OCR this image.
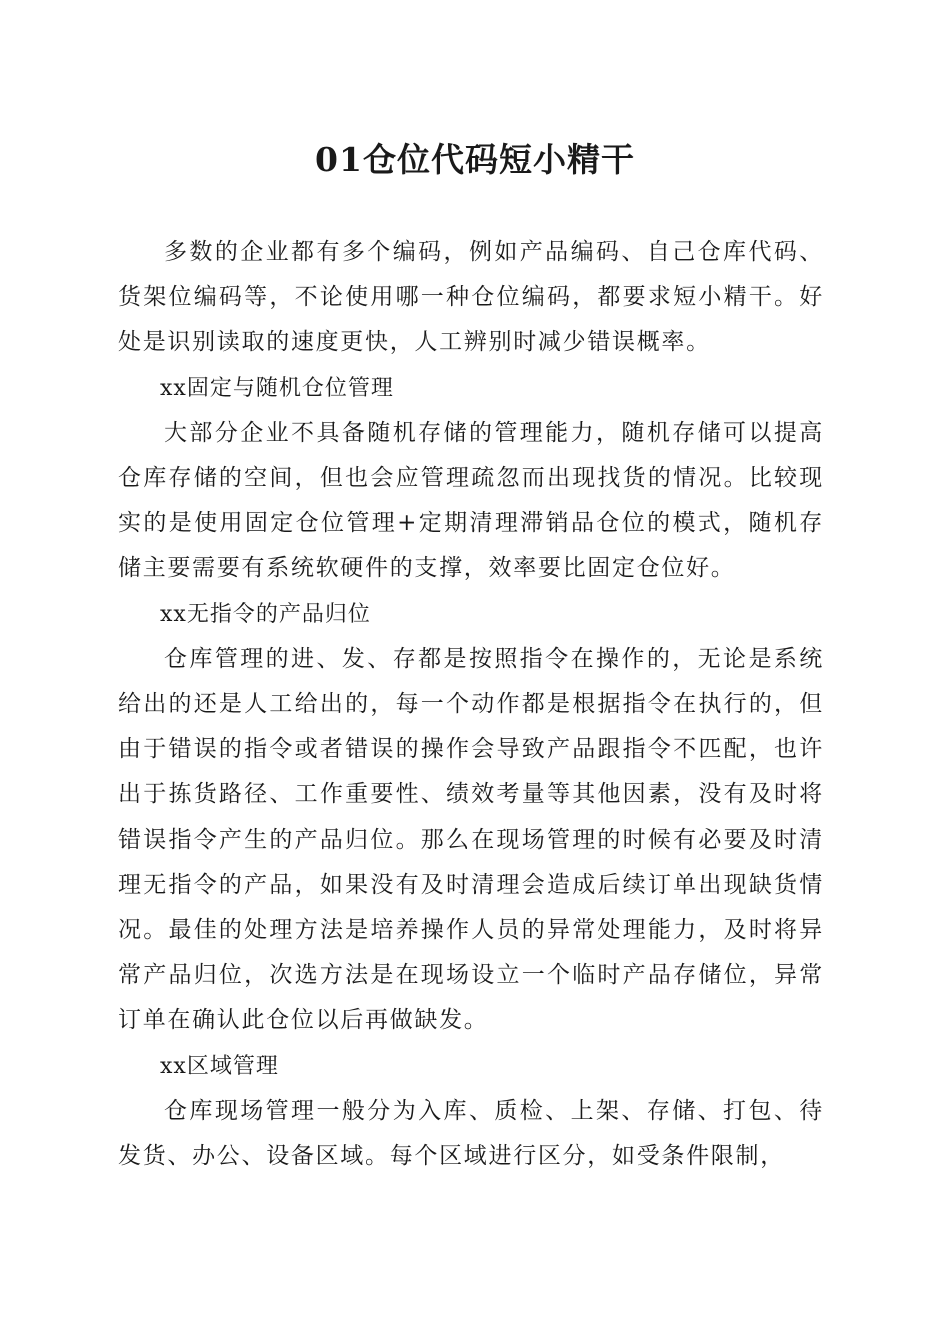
01仓位代码短小精干

多数的企业都有多个编码，例如产品编码、自己仓库代码、货架位编码等，不论使用哪一种仓位编码，都要求短小精干。好处是识别读取的速度更快，人工辨别时减少错误概率。

xx固定与随机仓位管理

大部分企业不具备随机存储的管理能力，随机存储可以提高仓库存储的空间，但也会应管理疏忽而出现找货的情况。比较现实的是使用固定仓位管理+定期清理滞销品仓位的模式，随机存储主要需要有系统软硬件的支撑，效率要比固定仓位好。

xx无指令的产品归位

仓库管理的进、发、存都是按照指令在操作的，无论是系统给出的还是人工给出的，每一个动作都是根据指令在执行的，但由于错误的指令或者错误的操作会导致产品跟指令不匹配，也许出于拣货路径、工作重要性、绩效考量等其他因素，没有及时将错误指令产生的产品归位。那么在现场管理的时候有必要及时清理无指令的产品，如果没有及时清理会造成后续订单出现缺货情况。最佳的处理方法是培养操作人员的异常处理能力，及时将异常产品归位，次选方法是在现场设立一个临时产品存储位，异常订单在确认此仓位以后再做缺发。

xx区域管理

仓库现场管理一般分为入库、质检、上架、存储、打包、待发货、办公、设备区域。每个区域进行区分，如受条件限制，
